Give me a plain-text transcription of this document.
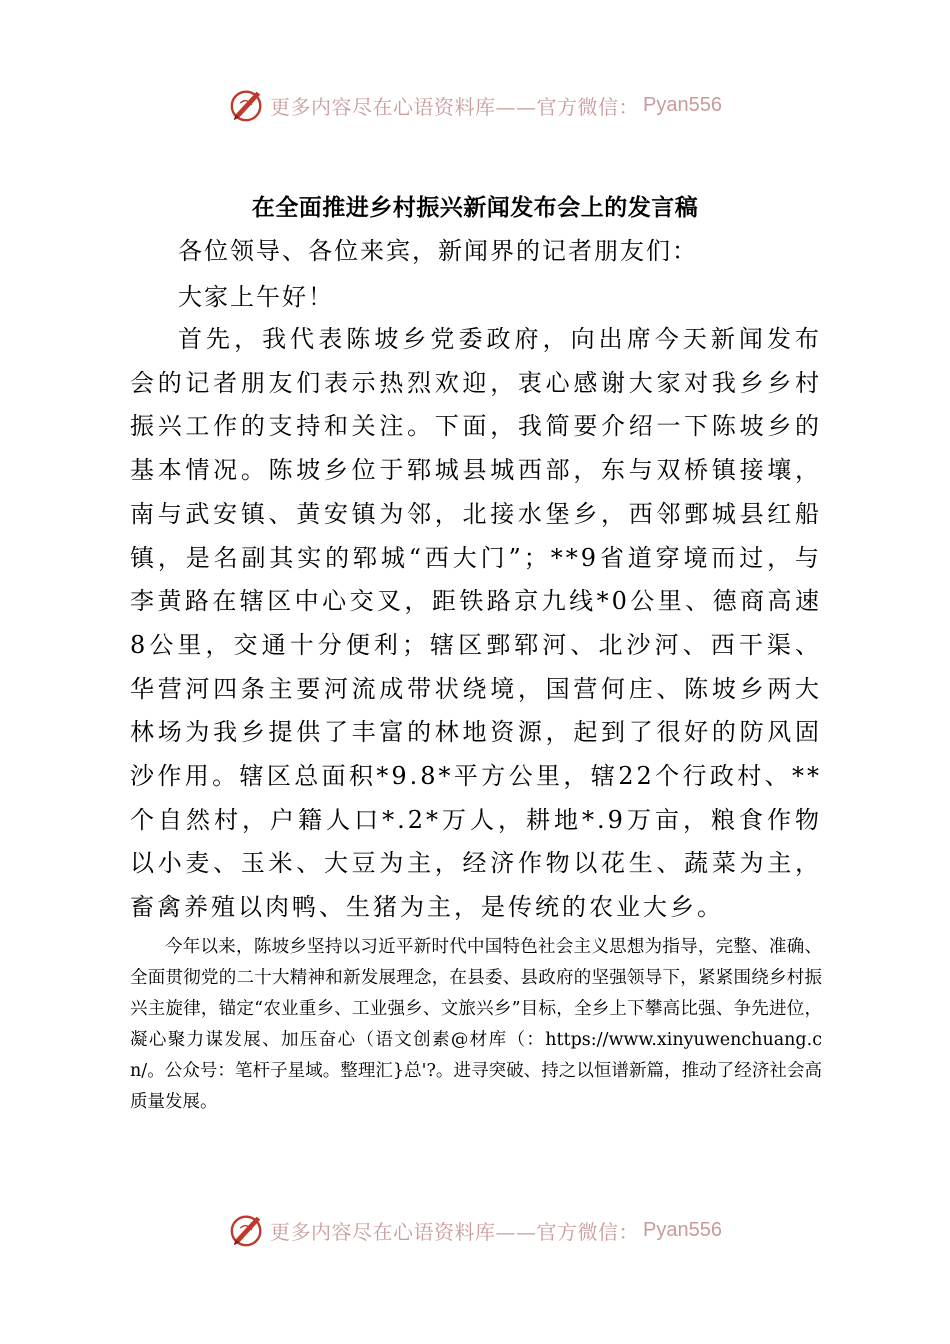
更多内容尽在心语资料库——官方微信： Pyan556
在全面推进乡村振兴新闻发布会上的发言稿

各位领导、各位来宾，新闻界的记者朋友们：

大家上午好！

首先，我代表陈坡乡党委政府，向出席今天新闻发布会的记者朋友们表示热烈欢迎，衷心感谢大家对我乡乡村振兴工作的支持和关注。下面，我简要介绍一下陈坡乡的基本情况。陈坡乡位于郓城县城西部，东与双桥镇接壤，南与武安镇、黄安镇为邻，北接水堡乡，西邻鄄城县红船镇，是名副其实的郓城“西大门”；**9省道穿境而过，与李黄路在辖区中心交叉，距铁路京九线*0公里、德商高速8公里，交通十分便利；辖区鄄郓河、北沙河、西干渠、华营河四条主要河流成带状绕境，国营何庄、陈坡乡两大林场为我乡提供了丰富的林地资源，起到了很好的防风固沙作用。辖区总面积*9.8*平方公里，辖22个行政村、**个自然村，户籍人口*.2*万人，耕地*.9万亩，粮食作物以小麦、玉米、大豆为主，经济作物以花生、蔬菜为主，畜禽养殖以肉鸭、生猪为主，是传统的农业大乡。

今年以来，陈坡乡坚持以习近平新时代中国特色社会主义思想为指导，完整、准确、全面贯彻党的二十大精神和新发展理念，在县委、县政府的坚强领导下，紧紧围绕乡村振兴主旋律，锚定“农业重乡、工业强乡、文旅兴乡”目标，全乡上下攀高比强、争先进位，凝心聚力谋发展、加压奋心（语文创素@材库（：https://www.xinyuwenchuang.cn/。公众号：笔杆子星域。整理汇}总'?。进寻突破、持之以恒谱新篇，推动了经济社会高质量发展。

更多内容尽在心语资料库——官方微信： Pyan556
